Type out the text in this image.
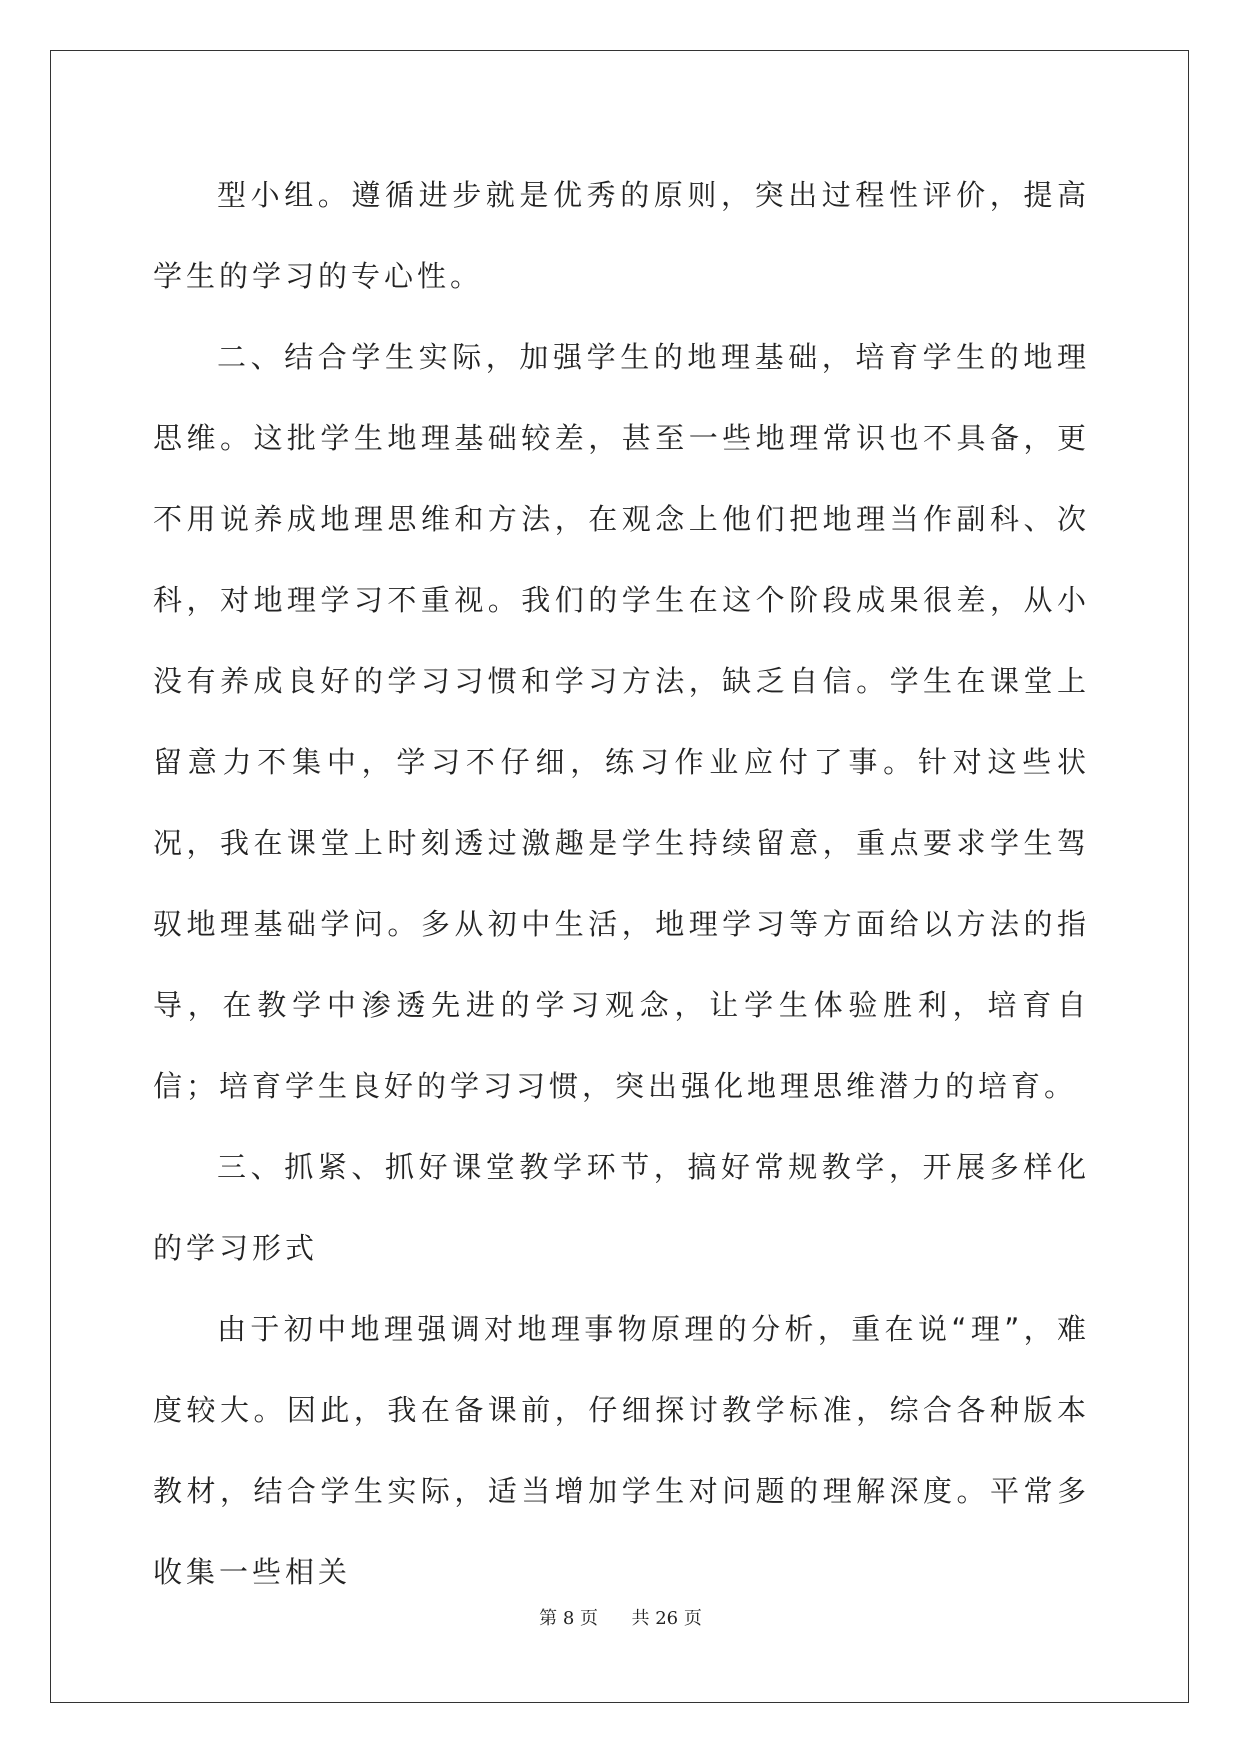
型小组。遵循进步就是优秀的原则，突出过程性评价，提高学生的学习的专心性。

二、结合学生实际，加强学生的地理基础，培育学生的地理思维。这批学生地理基础较差，甚至一些地理常识也不具备，更不用说养成地理思维和方法，在观念上他们把地理当作副科、次科，对地理学习不重视。我们的学生在这个阶段成果很差，从小没有养成良好的学习习惯和学习方法，缺乏自信。学生在课堂上留意力不集中，学习不仔细，练习作业应付了事。针对这些状况，我在课堂上时刻透过激趣是学生持续留意，重点要求学生驾驭地理基础学问。多从初中生活，地理学习等方面给以方法的指导，在教学中渗透先进的学习观念，让学生体验胜利，培育自信；培育学生良好的学习习惯，突出强化地理思维潜力的培育。

三、抓紧、抓好课堂教学环节，搞好常规教学，开展多样化的学习形式

由于初中地理强调对地理事物原理的分析，重在说“理”，难度较大。因此，我在备课前，仔细探讨教学标准，综合各种版本教材，结合学生实际，适当增加学生对问题的理解深度。平常多收集一些相关

第 8 页 共 26 页
